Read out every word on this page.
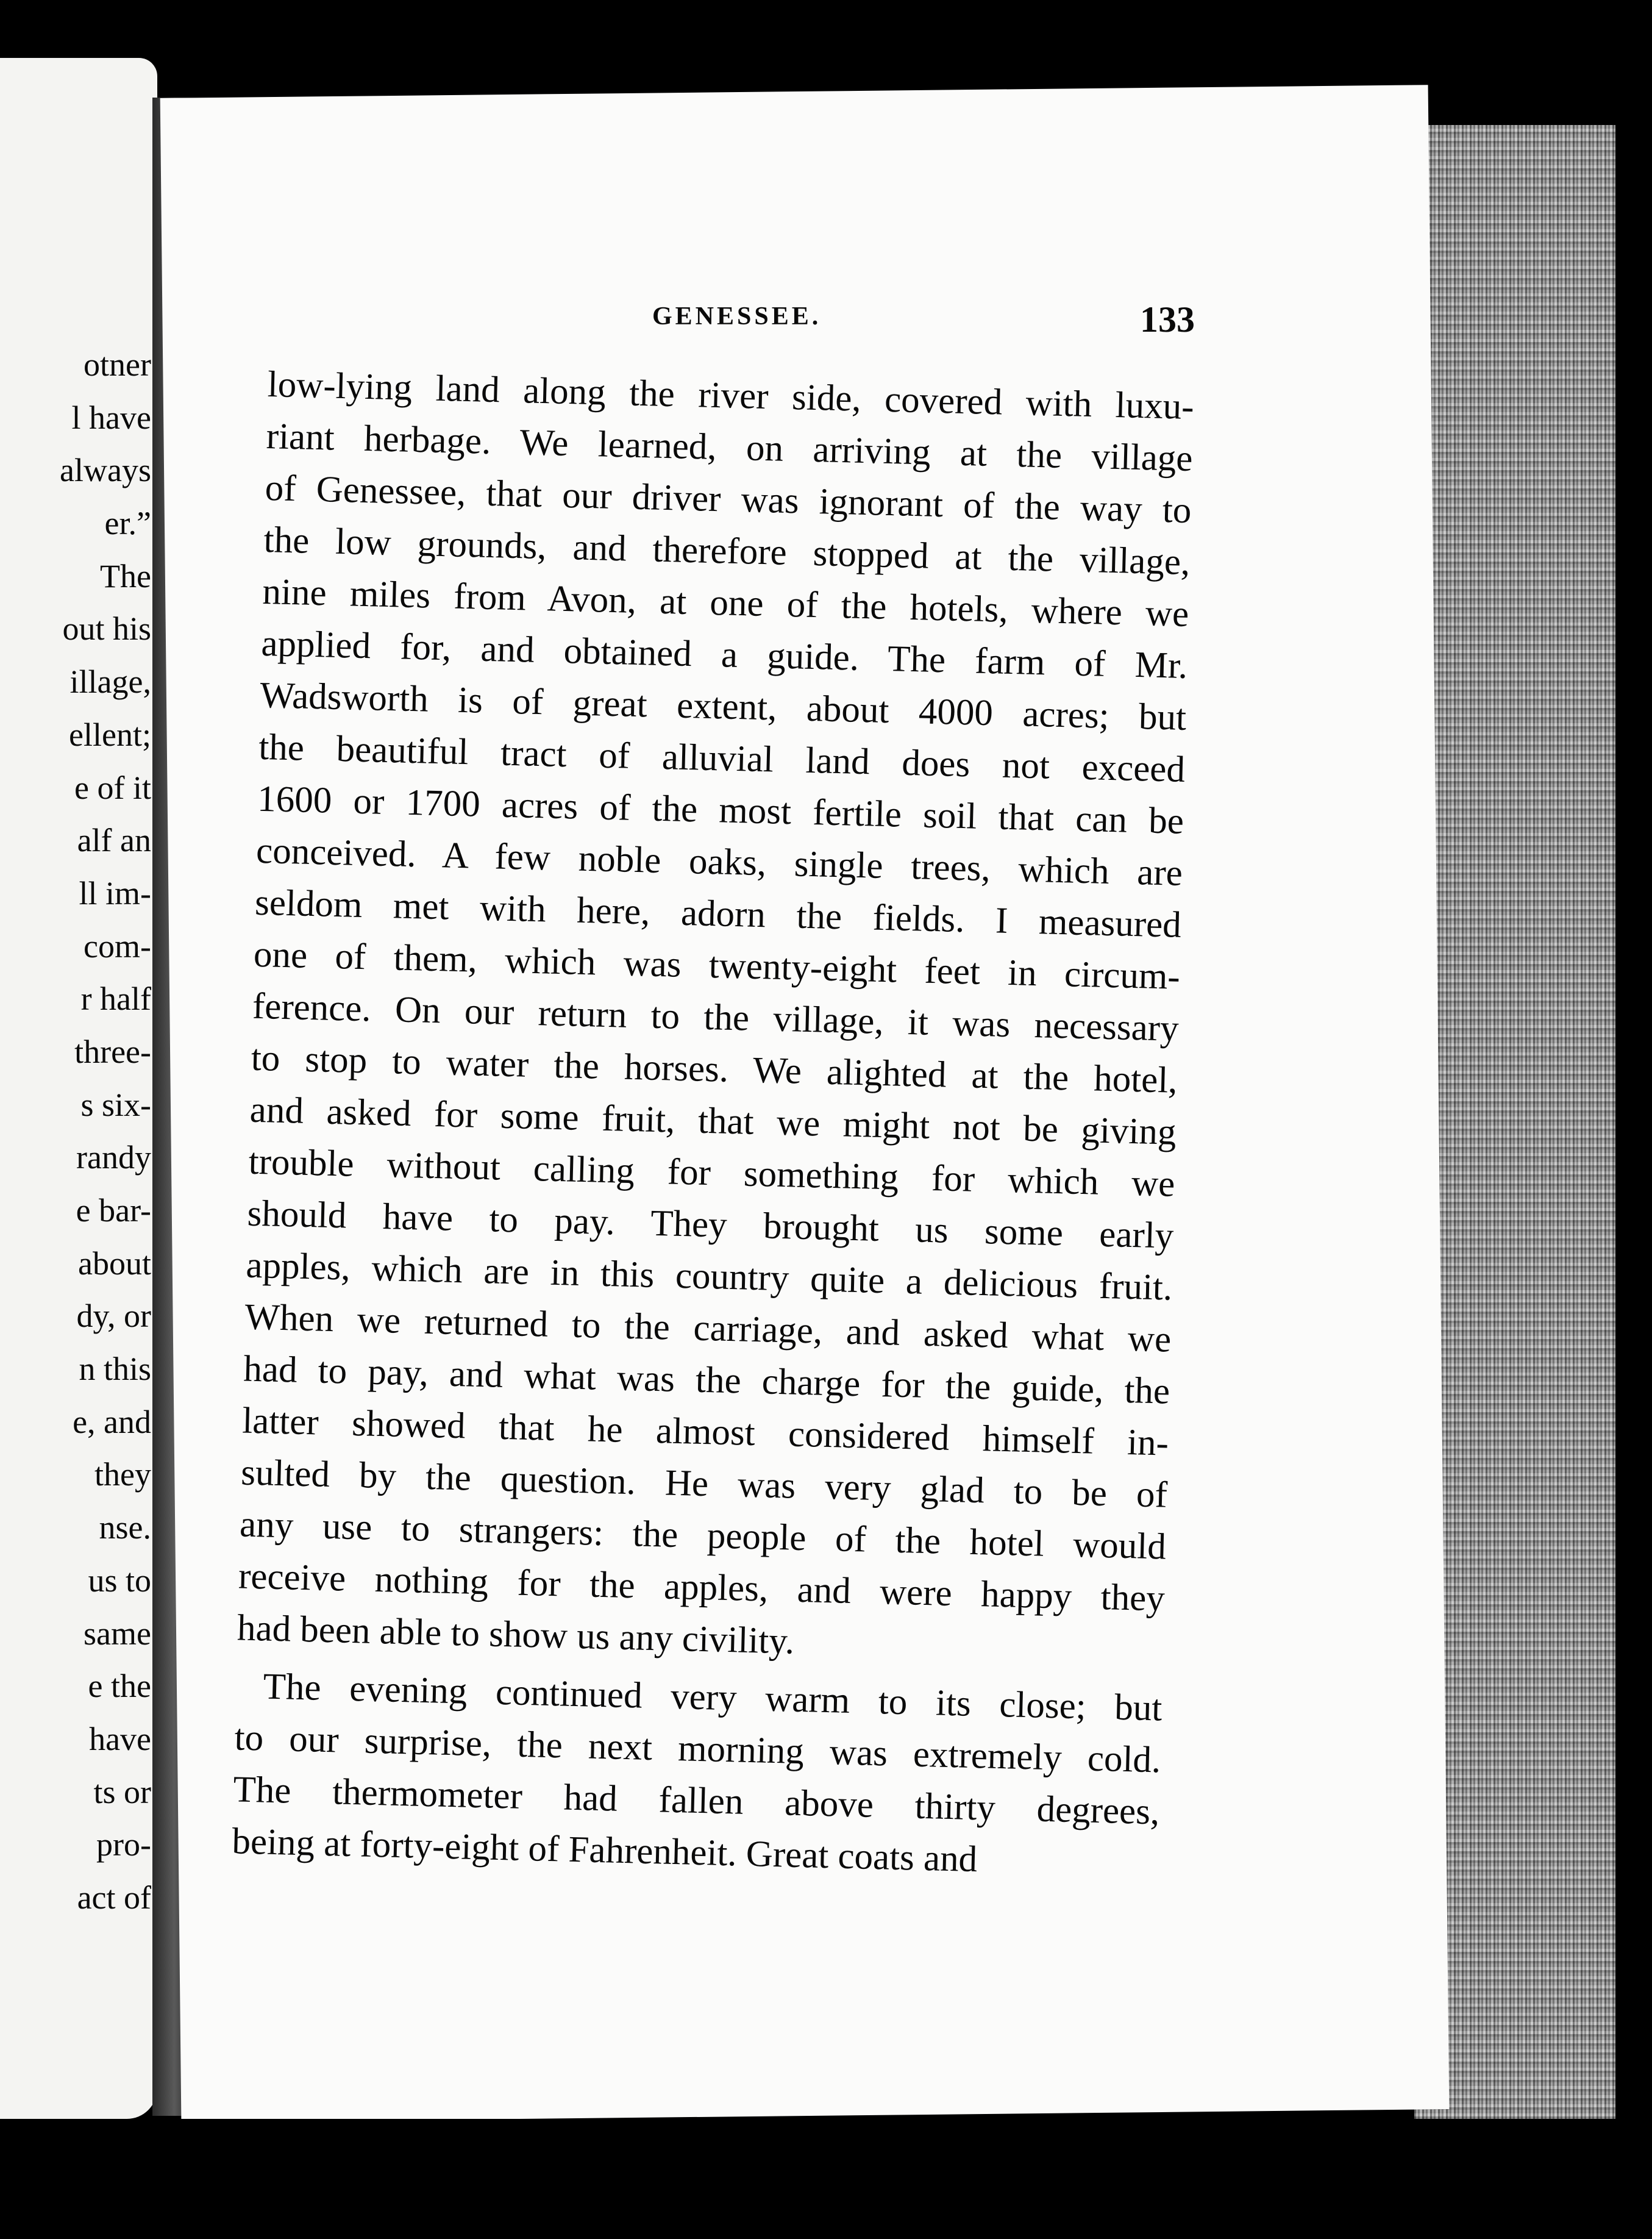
otner
l have
always
er.”
The
out his
illage,
ellent;
e of it
alf an
ll im-
com-
r half
three-
s six-
randy
e bar-
about
dy, or
n this
e, and
they
nse.
us to
same
e the
have
ts or
pro-
act of
GENESSEE.	133
low-lying land along the river side, covered with luxu-
riant herbage. We learned, on arriving at the village
of Genessee, that our driver was ignorant of the way to
the low grounds, and therefore stopped at the village,
nine miles from Avon, at one of the hotels, where we
applied for, and obtained a guide. The farm of Mr.
Wadsworth is of great extent, about 4000 acres; but
the beautiful tract of alluvial land does not exceed
1600 or 1700 acres of the most fertile soil that can be
conceived. A few noble oaks, single trees, which are
seldom met with here, adorn the fields. I measured
one of them, which was twenty-eight feet in circum-
ference. On our return to the village, it was necessary
to stop to water the horses. We alighted at the hotel,
and asked for some fruit, that we might not be giving
trouble without calling for something for which we
should have to pay. They brought us some early
apples, which are in this country quite a delicious fruit.
When we returned to the carriage, and asked what we
had to pay, and what was the charge for the guide, the
latter showed that he almost considered himself in-
sulted by the question. He was very glad to be of
any use to strangers: the people of the hotel would
receive nothing for the apples, and were happy they
had been able to show us any civility.
The evening continued very warm to its close; but
to our surprise, the next morning was extremely cold.
The thermometer had fallen above thirty degrees,
being at forty-eight of Fahrenheit. Great coats and
